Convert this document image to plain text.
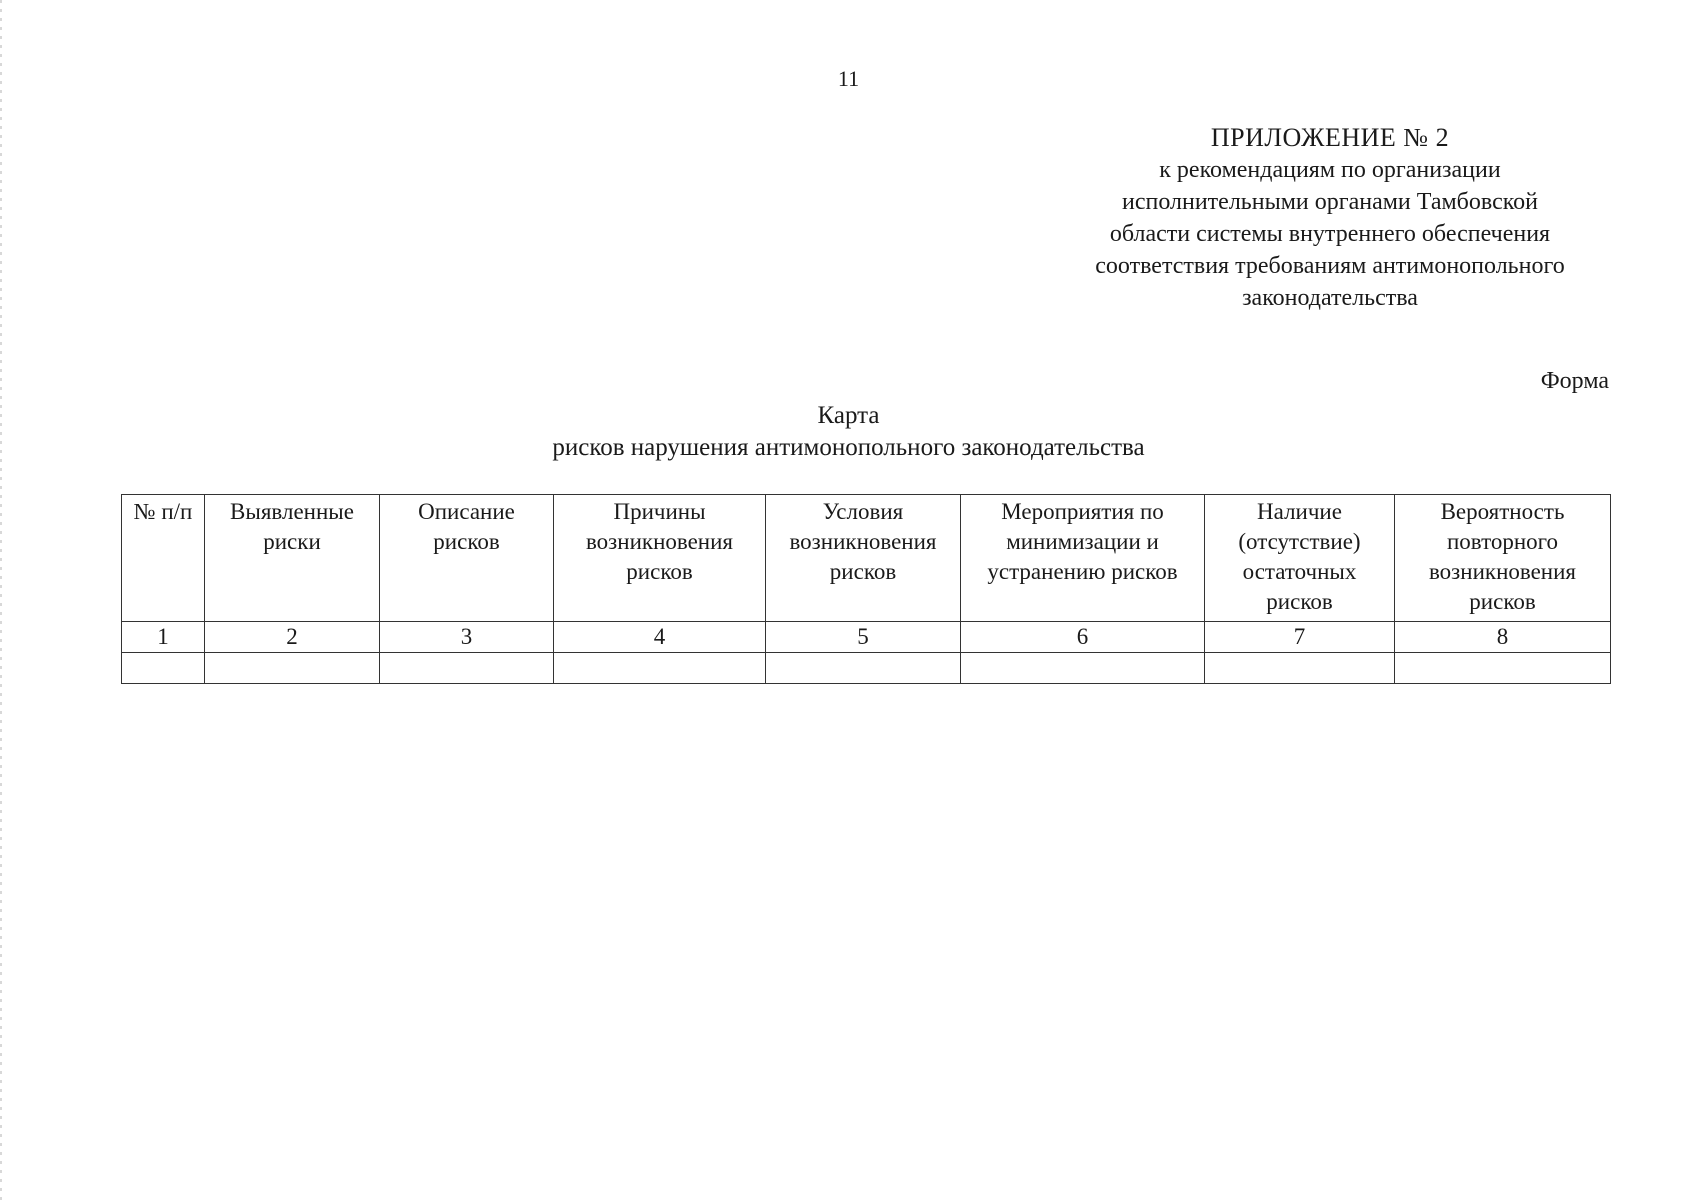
11
ПРИЛОЖЕНИЕ № 2
к рекомендациям по организации
исполнительными органами Тамбовской
области системы внутреннего обеспечения
соответствия требованиям антимонопольного
законодательства
Форма
Карта
рисков нарушения антимонопольного законодательства
№ п/п	Выявленные риски	Описание рисков	Причины возникновения рисков	Условия возникновения рисков	Мероприятия по минимизации и устранению рисков	Наличие (отсутствие) остаточных рисков	Вероятность повторного возникновения рисков
1	2	3	4	5	6	7	8
